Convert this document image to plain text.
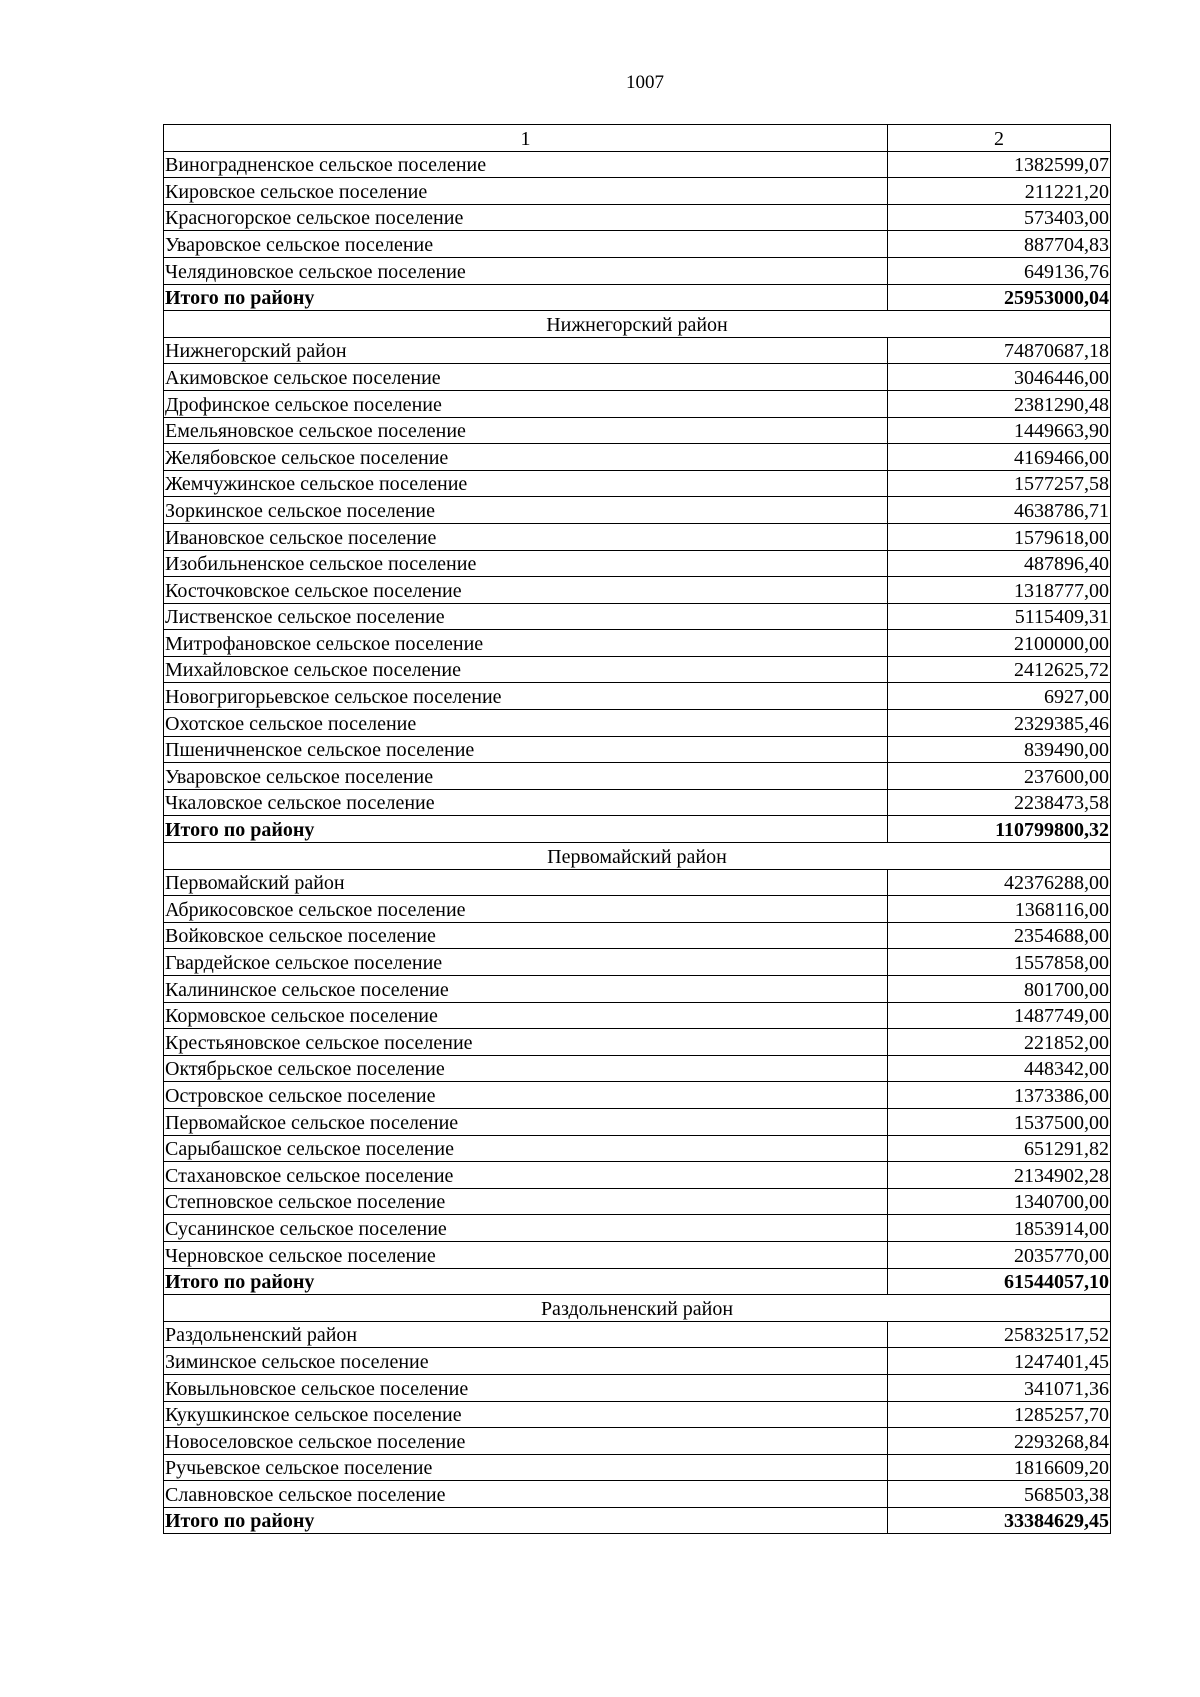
1007
1	2
Виноградненское сельское поселение	1382599,07
Кировское сельское поселение	211221,20
Красногорское сельское поселение	573403,00
Уваровское сельское поселение	887704,83
Челядиновское сельское поселение	649136,76
Итого по району	25953000,04
Нижнегорский район	
Нижнегорский район	74870687,18
Акимовское сельское поселение	3046446,00
Дрофинское сельское поселение	2381290,48
Емельяновское сельское поселение	1449663,90
Желябовское сельское поселение	4169466,00
Жемчужинское сельское поселение	1577257,58
Зоркинское сельское поселение	4638786,71
Ивановское сельское поселение	1579618,00
Изобильненское сельское поселение	487896,40
Косточковское сельское поселение	1318777,00
Лиственское сельское поселение	5115409,31
Митрофановское сельское поселение	2100000,00
Михайловское сельское поселение	2412625,72
Новогригорьевское сельское поселение	6927,00
Охотское сельское поселение	2329385,46
Пшеничненское сельское поселение	839490,00
Уваровское сельское поселение	237600,00
Чкаловское сельское поселение	2238473,58
Итого по району	110799800,32
Первомайский район	
Первомайский район	42376288,00
Абрикосовское сельское поселение	1368116,00
Войковское сельское поселение	2354688,00
Гвардейское сельское поселение	1557858,00
Калининское сельское поселение	801700,00
Кормовское сельское поселение	1487749,00
Крестьяновское сельское поселение	221852,00
Октябрьское сельское поселение	448342,00
Островское сельское поселение	1373386,00
Первомайское сельское поселение	1537500,00
Сарыбашское сельское поселение	651291,82
Стахановское сельское поселение	2134902,28
Степновское сельское поселение	1340700,00
Сусанинское сельское поселение	1853914,00
Черновское сельское поселение	2035770,00
Итого по району	61544057,10
Раздольненский район	
Раздольненский район	25832517,52
Зиминское сельское поселение	1247401,45
Ковыльновское сельское поселение	341071,36
Кукушкинское сельское поселение	1285257,70
Новоселовское сельское поселение	2293268,84
Ручьевское сельское поселение	1816609,20
Славновское сельское поселение	568503,38
Итого по району	33384629,45
